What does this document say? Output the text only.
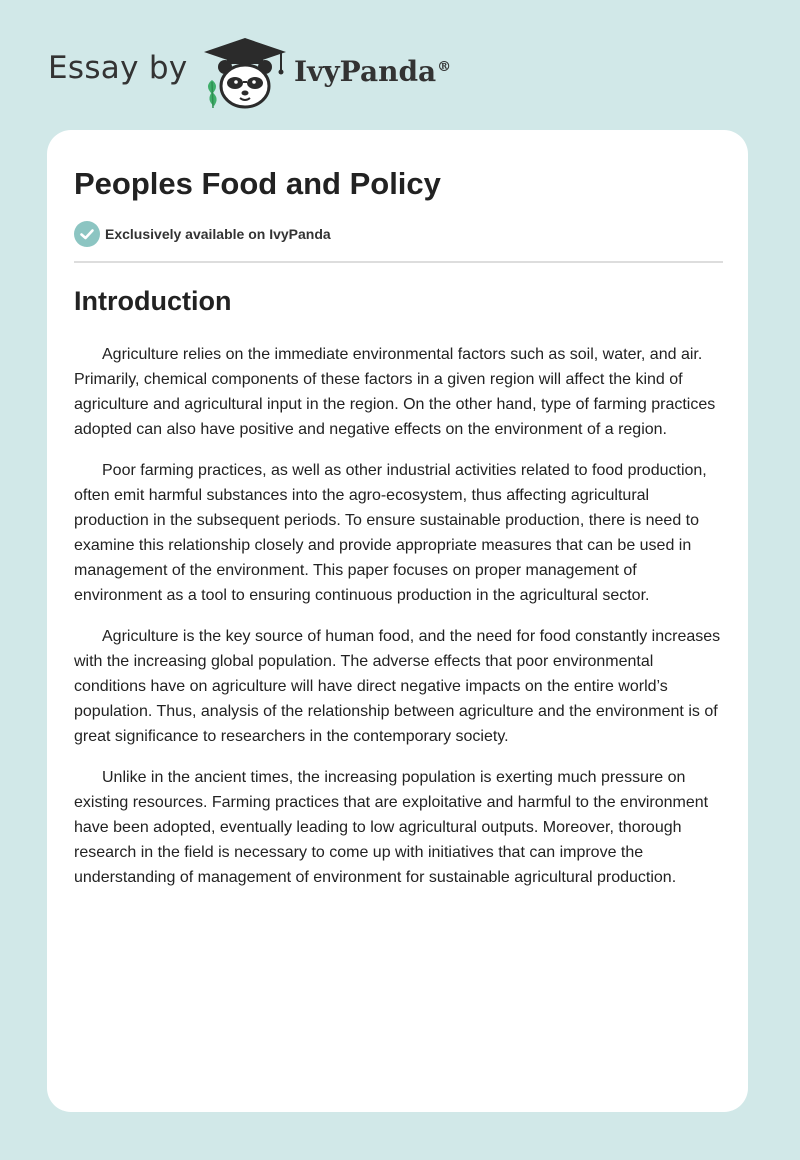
Essay by	IvyPanda®
Peoples Food and Policy
Exclusively available on IvyPanda
Introduction

Agriculture relies on the immediate environmental factors such as soil, water, and air. Primarily, chemical components of these factors in a given region will affect the kind of agriculture and agricultural input in the region. On the other hand, type of farming practices adopted can also have positive and negative effects on the environment of a region.

Poor farming practices, as well as other industrial activities related to food production, often emit harmful substances into the agro-ecosystem, thus affecting agricultural production in the subsequent periods. To ensure sustainable production, there is need to examine this relationship closely and provide appropriate measures that can be used in management of the environment. This paper focuses on proper management of environment as a tool to ensuring continuous production in the agricultural sector.

Agriculture is the key source of human food, and the need for food constantly increases with the increasing global population. The adverse effects that poor environmental conditions have on agriculture will have direct negative impacts on the entire world’s population. Thus, analysis of the relationship between agriculture and the environment is of great significance to researchers in the contemporary society.

Unlike in the ancient times, the increasing population is exerting much pressure on existing resources. Farming practices that are exploitative and harmful to the environment have been adopted, eventually leading to low agricultural outputs. Moreover, thorough research in the field is necessary to come up with initiatives that can improve the understanding of management of environment for sustainable agricultural production.
